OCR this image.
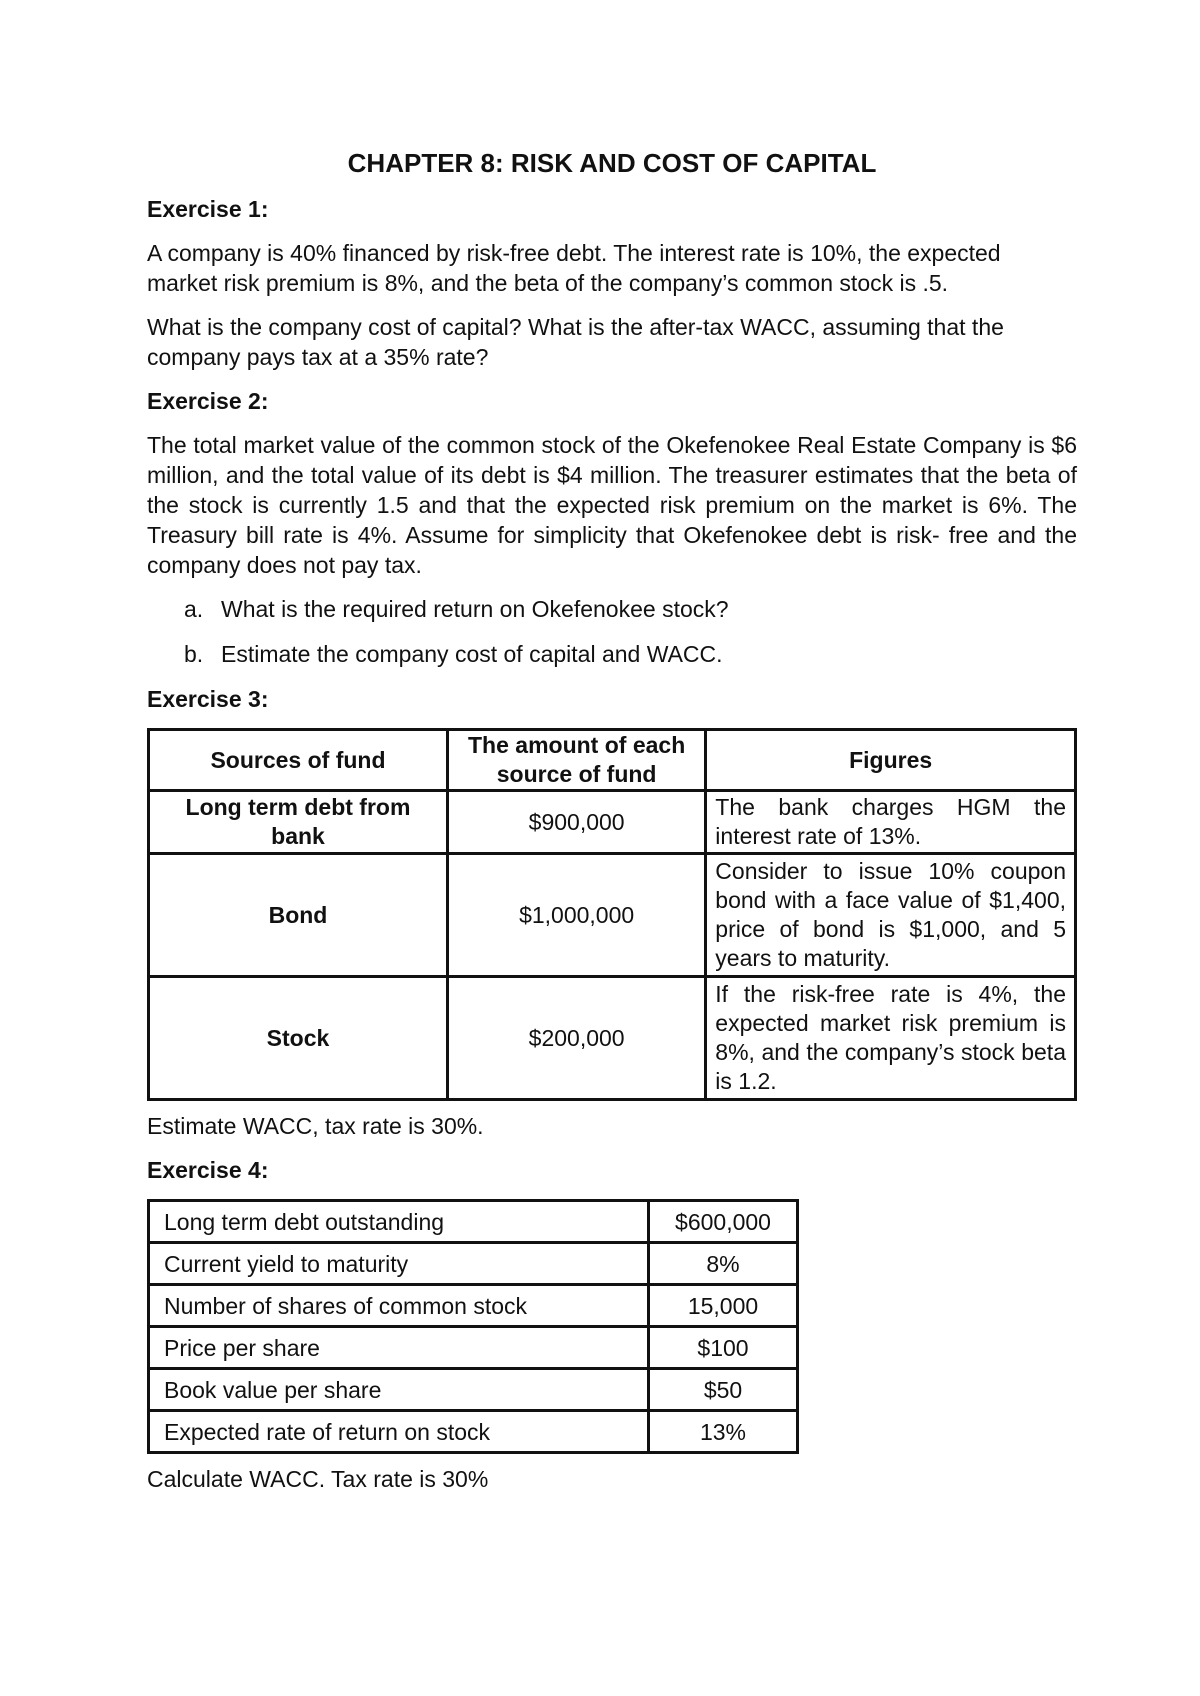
CHAPTER 8: RISK AND COST OF CAPITAL
Exercise 1:

A company is 40% financed by risk-free debt. The interest rate is 10%, the expected market risk premium is 8%, and the beta of the company’s common stock is .5.

What is the company cost of capital? What is the after-tax WACC, assuming that the company pays tax at a 35% rate?

Exercise 2:

The total market value of the common stock of the Okefenokee Real Estate Company is $6 million, and the total value of its debt is $4 million. The treasurer estimates that the beta of the stock is currently 1.5 and that the expected risk premium on the market is 6%. The Treasury bill rate is 4%. Assume for simplicity that Okefenokee debt is risk- free and the company does not pay tax.

a. What is the required return on Okefenokee stock?
b. Estimate the company cost of capital and WACC.
Exercise 3:
Sources of fund	The amount of each source of fund	Figures
Long term debt from bank	$900,000	The bank charges HGM the interest rate of 13%.
Bond	$1,000,000	Consider to issue 10% coupon bond with a face value of $1,400, price of bond is $1,000, and 5 years to maturity.
Stock	$200,000	If the risk-free rate is 4%, the expected market risk premium is 8%, and the company’s stock beta is 1.2.

Estimate WACC, tax rate is 30%.

Exercise 4:
Long term debt outstanding	$600,000
Current yield to maturity	8%
Number of shares of common stock	15,000
Price per share	$100
Book value per share	$50
Expected rate of return on stock	13%

Calculate WACC. Tax rate is 30%
